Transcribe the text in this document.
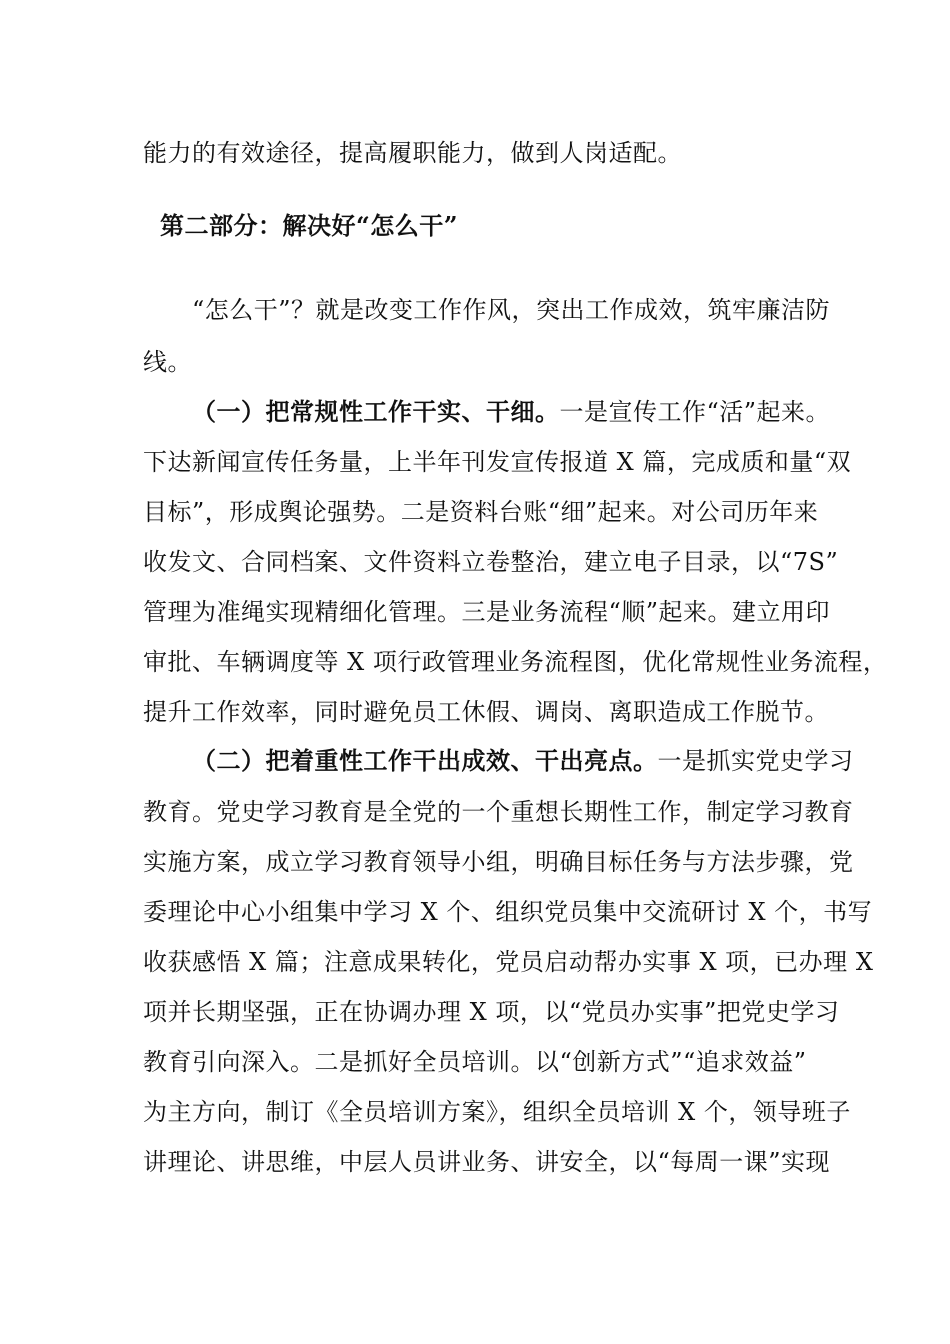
能力的有效途径，提高履职能力，做到人岗适配。
第二部分：解决好“怎么干”
“怎么干”？就是改变工作作风，突出工作成效，筑牢廉洁防
线。
（一）把常规性工作干实、干细。一是宣传工作“活”起来。
下达新闻宣传任务量，上半年刊发宣传报道 X 篇，完成质和量“双
目标”，形成舆论强势。二是资料台账“细”起来。对公司历年来
收发文、合同档案、文件资料立卷整治，建立电子目录，以“7S”
管理为准绳实现精细化管理。三是业务流程“顺”起来。建立用印
审批、车辆调度等 X 项行政管理业务流程图，优化常规性业务流程，
提升工作效率，同时避免员工休假、调岗、离职造成工作脱节。
（二）把着重性工作干出成效、干出亮点。一是抓实党史学习
教育。党史学习教育是全党的一个重想长期性工作，制定学习教育
实施方案，成立学习教育领导小组，明确目标任务与方法步骤，党
委理论中心小组集中学习 X 个、组织党员集中交流研讨 X 个，书写
收获感悟 X 篇；注意成果转化，党员启动帮办实事 X 项，已办理 X
项并长期坚强，正在协调办理 X 项，以“党员办实事”把党史学习
教育引向深入。二是抓好全员培训。以“创新方式”“追求效益”
为主方向，制订《全员培训方案》，组织全员培训 X 个，领导班子
讲理论、讲思维，中层人员讲业务、讲安全，以“每周一课”实现
